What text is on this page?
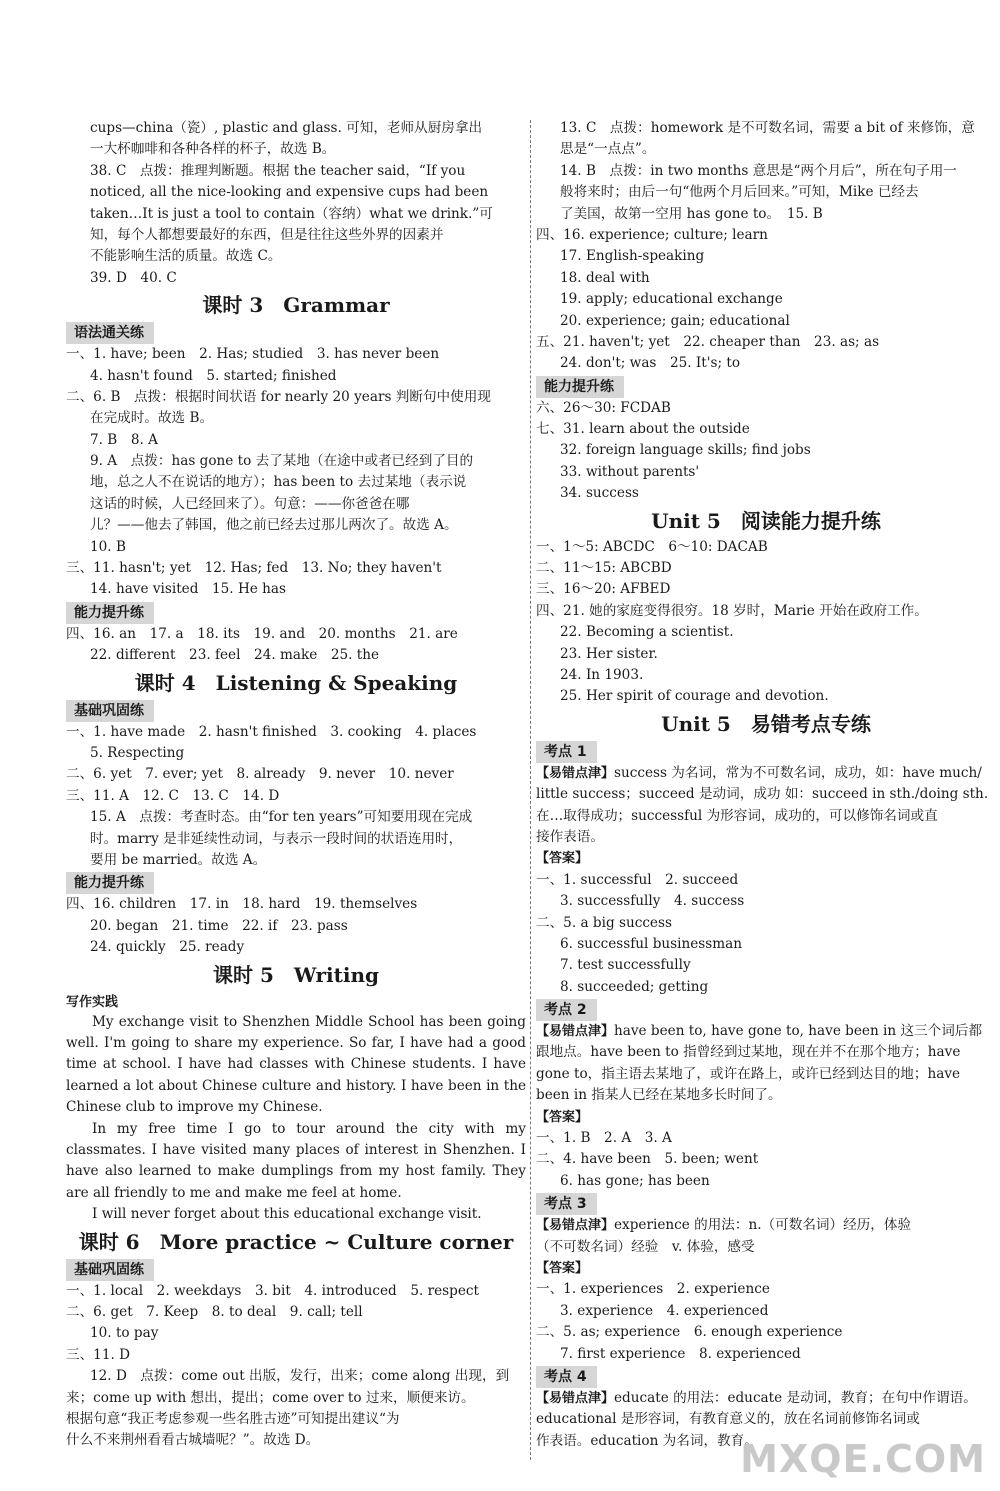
cups—china（瓷）, plastic and glass. 可知，老师从厨房拿出
一大杯咖啡和各种各样的杯子，故选 B。
38. C　点拨：推理判断题。根据 the teacher said，“If you
noticed, all the nice-looking and expensive cups had been
taken…It is just a tool to contain（容纳）what we drink.”可
知，每个人都想要最好的东西，但是往往这些外界的因素并
不能影响生活的质量。故选 C。
39. D　40. C
课时 3　Grammar
语法通关练
一、1. have; been　2. Has; studied　3. has never been
4. hasn't found　5. started; finished
二、6. B　点拨：根据时间状语 for nearly 20 years 判断句中使用现
在完成时。故选 B。
7. B　8. A
9. A　点拨：has gone to 去了某地（在途中或者已经到了目的
地，总之人不在说话的地方）；has been to 去过某地（表示说
这话的时候，人已经回来了）。句意：——你爸爸在哪
儿？——他去了韩国，他之前已经去过那儿两次了。故选 A。
10. B
三、11. hasn't; yet　12. Has; fed　13. No; they haven't
14. have visited　15. He has
能力提升练
四、16. an　17. a　18. its　19. and　20. months　21. are
22. different　23. feel　24. make　25. the
课时 4　Listening & Speaking
基础巩固练
一、1. have made　2. hasn't finished　3. cooking　4. places
5. Respecting
二、6. yet　7. ever; yet　8. already　9. never　10. never
三、11. A　12. C　13. C　14. D
15. A　点拨：考查时态。由“for ten years”可知要用现在完成
时。marry 是非延续性动词，与表示一段时间的状语连用时，
要用 be married。故选 A。
能力提升练
四、16. children　17. in　18. hard　19. themselves
20. began　21. time　22. if　23. pass
24. quickly　25. ready
课时 5　Writing
写作实践
My exchange visit to Shenzhen Middle School has been going well. I'm going to share my experience. So far, I have had a good time at school. I have had classes with Chinese students. I have learned a lot about Chinese culture and history. I have been in the Chinese club to improve my Chinese.
In my free time I go to tour around the city with my classmates. I have visited many places of interest in Shenzhen. I have also learned to make dumplings from my host family. They are all friendly to me and make me feel at home.
I will never forget about this educational exchange visit.
课时 6　More practice ~ Culture corner
基础巩固练
一、1. local　2. weekdays　3. bit　4. introduced　5. respect
二、6. get　7. Keep　8. to deal　9. call; tell
10. to pay
三、11. D
12. D　点拨：come out 出版，发行，出来；come along 出现，到
来；come up with 想出，提出；come over to 过来，顺便来访。
根据句意“我正考虑参观一些名胜古迹”可知提出建议“为
什么不来荆州看看古城墙呢？”。故选 D。
13. C　点拨：homework 是不可数名词，需要 a bit of 来修饰，意
思是“一点点”。
14. B　点拨：in two months 意思是“两个月后”，所在句子用一
般将来时；由后一句“他两个月后回来。”可知，Mike 已经去
了美国，故第一空用 has gone to。　15. B
四、16. experience; culture; learn
17. English-speaking
18. deal with
19. apply; educational exchange
20. experience; gain; educational
五、21. haven't; yet　22. cheaper than　23. as; as
24. don't; was　25. It's; to
能力提升练
六、26～30: FCDAB
七、31. learn about the outside
32. foreign language skills; find jobs
33. without parents'
34. success
Unit 5　阅读能力提升练
一、1～5: ABCDC　6～10: DACAB
二、11～15: ABCBD
三、16～20: AFBED
四、21. 她的家庭变得很穷。18 岁时，Marie 开始在政府工作。
22. Becoming a scientist.
23. Her sister.
24. In 1903.
25. Her spirit of courage and devotion.
Unit 5　易错考点专练
考点 1
【易错点津】success 为名词，常为不可数名词，成功，如：have much/
little success；succeed 是动词，成功 如：succeed in sth./doing sth.
在…取得成功；successful 为形容词，成功的，可以修饰名词或直
接作表语。
【答案】
一、1. successful　2. succeed
3. successfully　4. success
二、5. a big success
6. successful businessman
7. test successfully
8. succeeded; getting
考点 2
【易错点津】have been to, have gone to, have been in 这三个词后都
跟地点。have been to 指曾经到过某地，现在并不在那个地方；have
gone to，指主语去某地了，或许在路上，或许已经到达目的地；have
been in 指某人已经在某地多长时间了。
【答案】
一、1. B　2. A　3. A
二、4. have been　5. been; went
6. has gone; has been
考点 3
【易错点津】experience 的用法：n.（可数名词）经历，体验
（不可数名词）经验　v. 体验，感受
【答案】
一、1. experiences　2. experience
3. experience　4. experienced
二、5. as; experience　6. enough experience
7. first experience　8. experienced
考点 4
【易错点津】educate 的用法：educate 是动词，教育；在句中作谓语。
educational 是形容词，有教育意义的，放在名词前修饰名词或
作表语。education 为名词，教育。
MXQE.COM
